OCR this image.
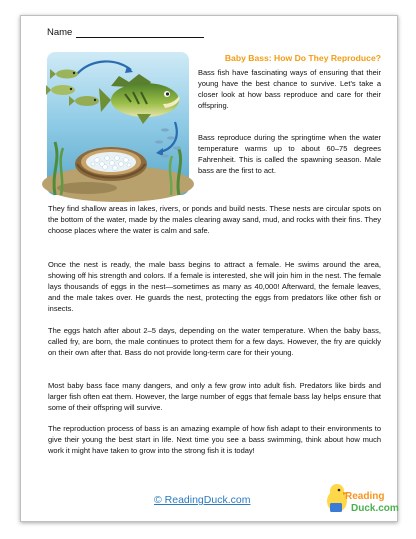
Name
Baby Bass: How Do They Reproduce?

Bass fish have fascinating ways of ensuring that their young have the best chance to survive. Let’s take a closer look at how bass reproduce and care for their offspring.

Bass reproduce during the springtime when the water temperature warms up to about 60–75 degrees Fahrenheit. This is called the spawning season. Male bass are the first to act.

Once the nest is ready, the male bass begins to attract a female. He swims around the area, showing off his strength and colors. If a female is interested, she will join him in the nest. The female lays thousands of eggs in the nest—sometimes as many as 40,000! Afterward, the female leaves, and the male takes over. He guards the nest, protecting the eggs from predators like other fish or insects.

The eggs hatch after about 2–5 days, depending on the water temperature. When the baby bass, called fry, are born, the male continues to protect them for a few days. However, the fry are quickly on their own after that. Bass do not provide long-term care for their young.

Most baby bass face many dangers, and only a few grow into adult fish. Predators like birds and larger fish often eat them. However, the large number of eggs that female bass lay helps ensure that some of their offspring will survive.

The reproduction process of bass is an amazing example of how fish adapt to their environments to give their young the best start in life. Next time you see a bass swimming, think about how much work it might have taken to grow into the strong fish it is today!

© ReadingDuck.com	Reading
Duck.com

They find shallow areas in lakes, rivers, or ponds and build nests. These nests are circular spots on the bottom of the water, made by the males clearing away sand, mud, and rocks with their fins. They choose places where the water is calm and safe.
